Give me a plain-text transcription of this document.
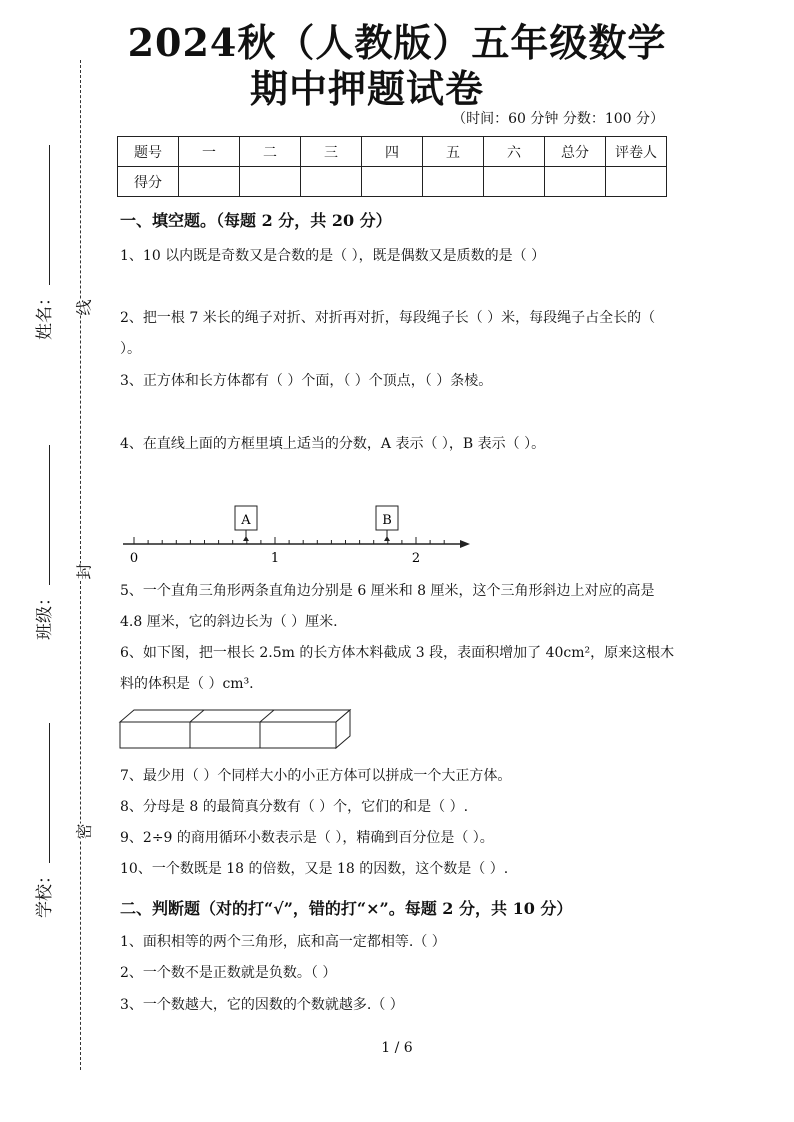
姓名：
班级：
学校：
线
封
密
2024秋（人教版）五年级数学
期中押题试卷
（时间：60 分钟 分数：100 分）
题号	一	二	三	四	五	六	总分	评卷人
得分								
一、填空题。（每题 2 分，共 20 分）
1、10 以内既是奇数又是合数的是（ ），既是偶数又是质数的是（ ）
2、把一根 7 米长的绳子对折、对折再对折，每段绳子长（ ）米，每段绳子占全长的（ ）。
3、正方体和长方体都有（ ）个面，（ ）个顶点，（ ）条棱。
4、在直线上面的方框里填上适当的分数，A 表示（ ），B 表示（ ）。
A	B
0	1	2
5、一个直角三角形两条直角边分别是 6 厘米和 8 厘米，这个三角形斜边上对应的高是 4.8 厘米，它的斜边长为（ ）厘米.
6、如下图，把一根长 2.5m 的长方体木料截成 3 段，表面积增加了 40cm²，原来这根木料的体积是（ ）cm³.
7、最少用（ ）个同样大小的小正方体可以拼成一个大正方体。
8、分母是 8 的最简真分数有（ ）个，它们的和是（ ）.
9、2÷9 的商用循环小数表示是（ ），精确到百分位是（ ）。
10、一个数既是 18 的倍数，又是 18 的因数，这个数是（ ）.
二、判断题（对的打“√”，错的打“×”。每题 2 分，共 10 分）
1、面积相等的两个三角形，底和高一定都相等.（ ）
2、一个数不是正数就是负数。（ ）
3、一个数越大，它的因数的个数就越多.（ ）
1 / 6
